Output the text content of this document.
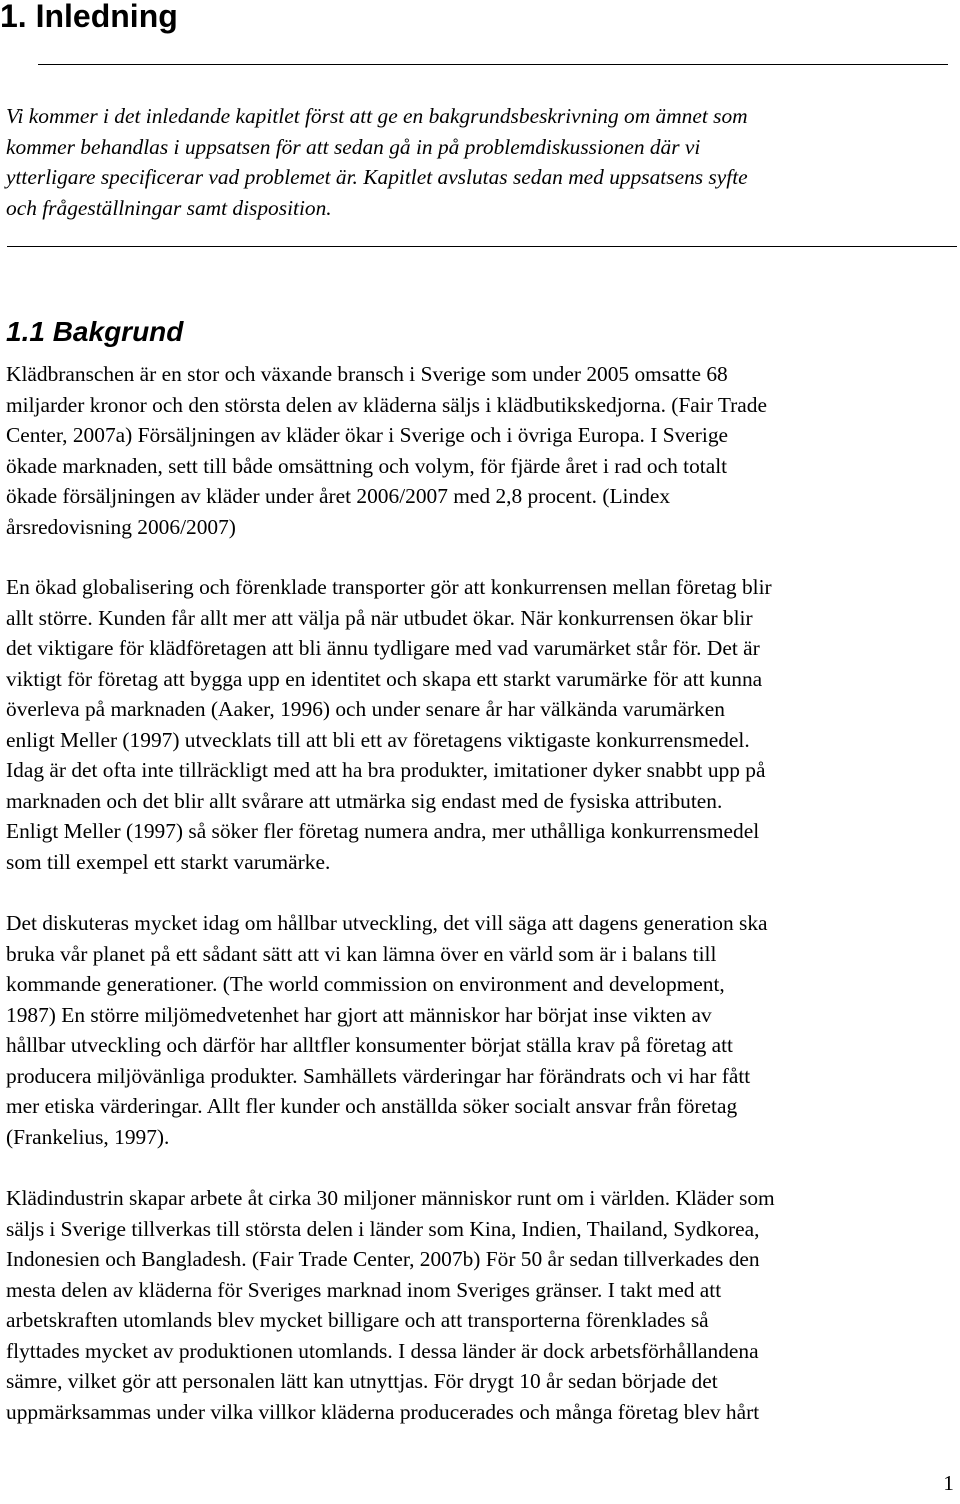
1. Inledning

Vi kommer i det inledande kapitlet först att ge en bakgrundsbeskrivning om ämnet som
kommer behandlas i uppsatsen för att sedan gå in på problemdiskussionen där vi
ytterligare specificerar vad problemet är. Kapitlet avslutas sedan med uppsatsens syfte
och frågeställningar samt disposition.

1.1 Bakgrund

Klädbranschen är en stor och växande bransch i Sverige som under 2005 omsatte 68
miljarder kronor och den största delen av kläderna säljs i klädbutikskedjorna. (Fair Trade
Center, 2007a) Försäljningen av kläder ökar i Sverige och i övriga Europa. I Sverige
ökade marknaden, sett till både omsättning och volym, för fjärde året i rad och totalt
ökade försäljningen av kläder under året 2006/2007 med 2,8 procent. (Lindex
årsredovisning 2006/2007)

En ökad globalisering och förenklade transporter gör att konkurrensen mellan företag blir
allt större. Kunden får allt mer att välja på när utbudet ökar. När konkurrensen ökar blir
det viktigare för klädföretagen att bli ännu tydligare med vad varumärket står för. Det är
viktigt för företag att bygga upp en identitet och skapa ett starkt varumärke för att kunna
överleva på marknaden (Aaker, 1996) och under senare år har välkända varumärken
enligt Meller (1997) utvecklats till att bli ett av företagens viktigaste konkurrensmedel.
Idag är det ofta inte tillräckligt med att ha bra produkter, imitationer dyker snabbt upp på
marknaden och det blir allt svårare att utmärka sig endast med de fysiska attributen.
Enligt Meller (1997) så söker fler företag numera andra, mer uthålliga konkurrensmedel
som till exempel ett starkt varumärke.

Det diskuteras mycket idag om hållbar utveckling, det vill säga att dagens generation ska
bruka vår planet på ett sådant sätt att vi kan lämna över en värld som är i balans till
kommande generationer. (The world commission on environment and development,
1987) En större miljömedvetenhet har gjort att människor har börjat inse vikten av
hållbar utveckling och därför har alltfler konsumenter börjat ställa krav på företag att
producera miljövänliga produkter. Samhällets värderingar har förändrats och vi har fått
mer etiska värderingar. Allt fler kunder och anställda söker socialt ansvar från företag
(Frankelius, 1997).

Klädindustrin skapar arbete åt cirka 30 miljoner människor runt om i världen. Kläder som
säljs i Sverige tillverkas till största delen i länder som Kina, Indien, Thailand, Sydkorea,
Indonesien och Bangladesh. (Fair Trade Center, 2007b) För 50 år sedan tillverkades den
mesta delen av kläderna för Sveriges marknad inom Sveriges gränser. I takt med att
arbetskraften utomlands blev mycket billigare och att transporterna förenklades så
flyttades mycket av produktionen utomlands. I dessa länder är dock arbetsförhållandena
sämre, vilket gör att personalen lätt kan utnyttjas. För drygt 10 år sedan började det
uppmärksammas under vilka villkor kläderna producerades och många företag blev hårt

1
